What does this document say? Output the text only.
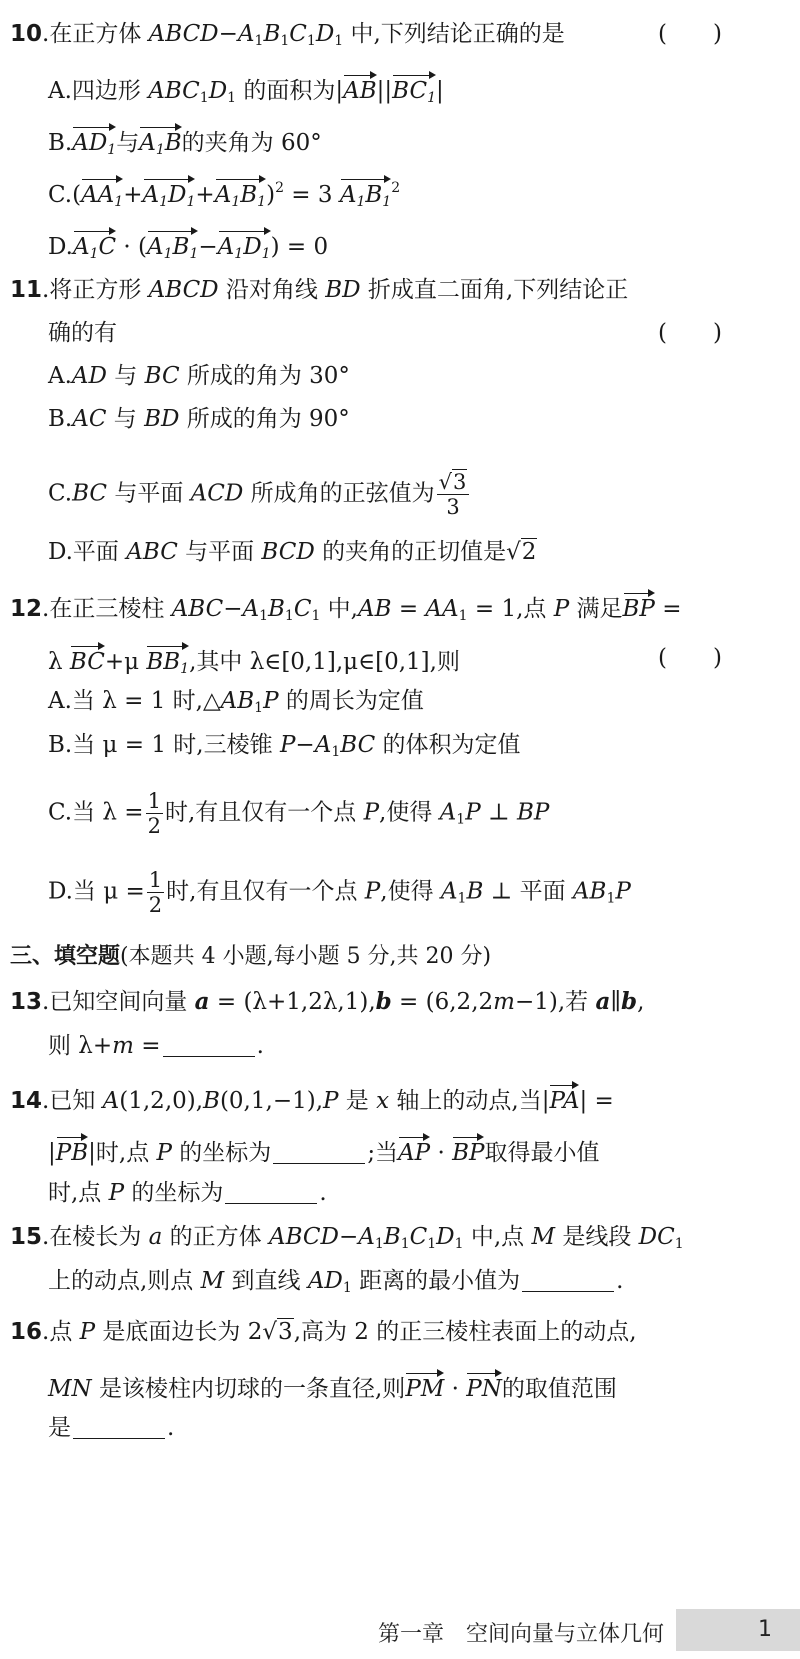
10.在正方体 $ABCD-A_1B_1C_1D_1$ 中,下列结论正确的是	(　　)
A.四边形 $ABC_1D_1$ 的面积为$|AB||BC_1|$
$B.AD_1$与$A_1B$的夹角为 60°
$C.(AA_1+A_1D_1+A_1B_1)^2 = 3$ $A_1B_1^2$
$D.A_1C \cdot (A_1B_1-A_1D_1) = 0$
11.将正方形 ABCD 沿对角线 BD 折成直二面角,下列结论正
确的有	(　　)
A.AD 与 BC 所成的角为 30°
B.AC 与 BD 所成的角为 90°
C.BC 与平面 ACD 所成角的正弦值为 $\frac{√3}{3}$
D.平面 ABC 与平面 BCD 的夹角的正切值是√2
12.在正三棱柱 $ABC-A_1B_1C_1$ 中$,AB = AA_1 = 1$,点 P 满足BP =
λ BC+μ $BB_1$,其中 λ∈[0,1],μ∈[0,1],则	(　　)
A.当 λ = 1 时$,\triangle AB_1P$ 的周长为定值
B.当 μ = 1 时,三棱锥 $P-A_1BC$ 的体积为定值
C.当 $\lambda = \frac{1}{2}$ 时,有且仅有一个点 P,使得 $A_1P$ ⊥ BP
D.当 $\mu = \frac{1}{2}$ 时,有且仅有一个点 P,使得 $A_1B$ ⊥ 平面 $AB_1P$
三、填空题(本题共 4 小题,每小题 5 分,共 20 分)
13.已知空间向量 a = (λ+1,2λ,1),b = (6,2,2m−1),若 a∥b,
则 λ+m =	.
14.已知 A(1,2,0),B(0,1,−1),P 是 x 轴上的动点,当|PA| =
|PB|时,点 P 的坐标为	;当AP · BP取得最小值
时,点 P 的坐标为	.
15.在棱长为 a 的正方体 $ABCD-A_1B_1C_1D_1$ 中,点 M 是线段 $DC_1$
上的动点,则点 M 到直线 $AD_1$ 距离的最小值为	.
16.点 P 是底面边长为 2√3,高为 2 的正三棱柱表面上的动点,
MN 是该棱柱内切球的一条直径,则PM · PN的取值范围
是	.
第一章　空间向量与立体几何	1
